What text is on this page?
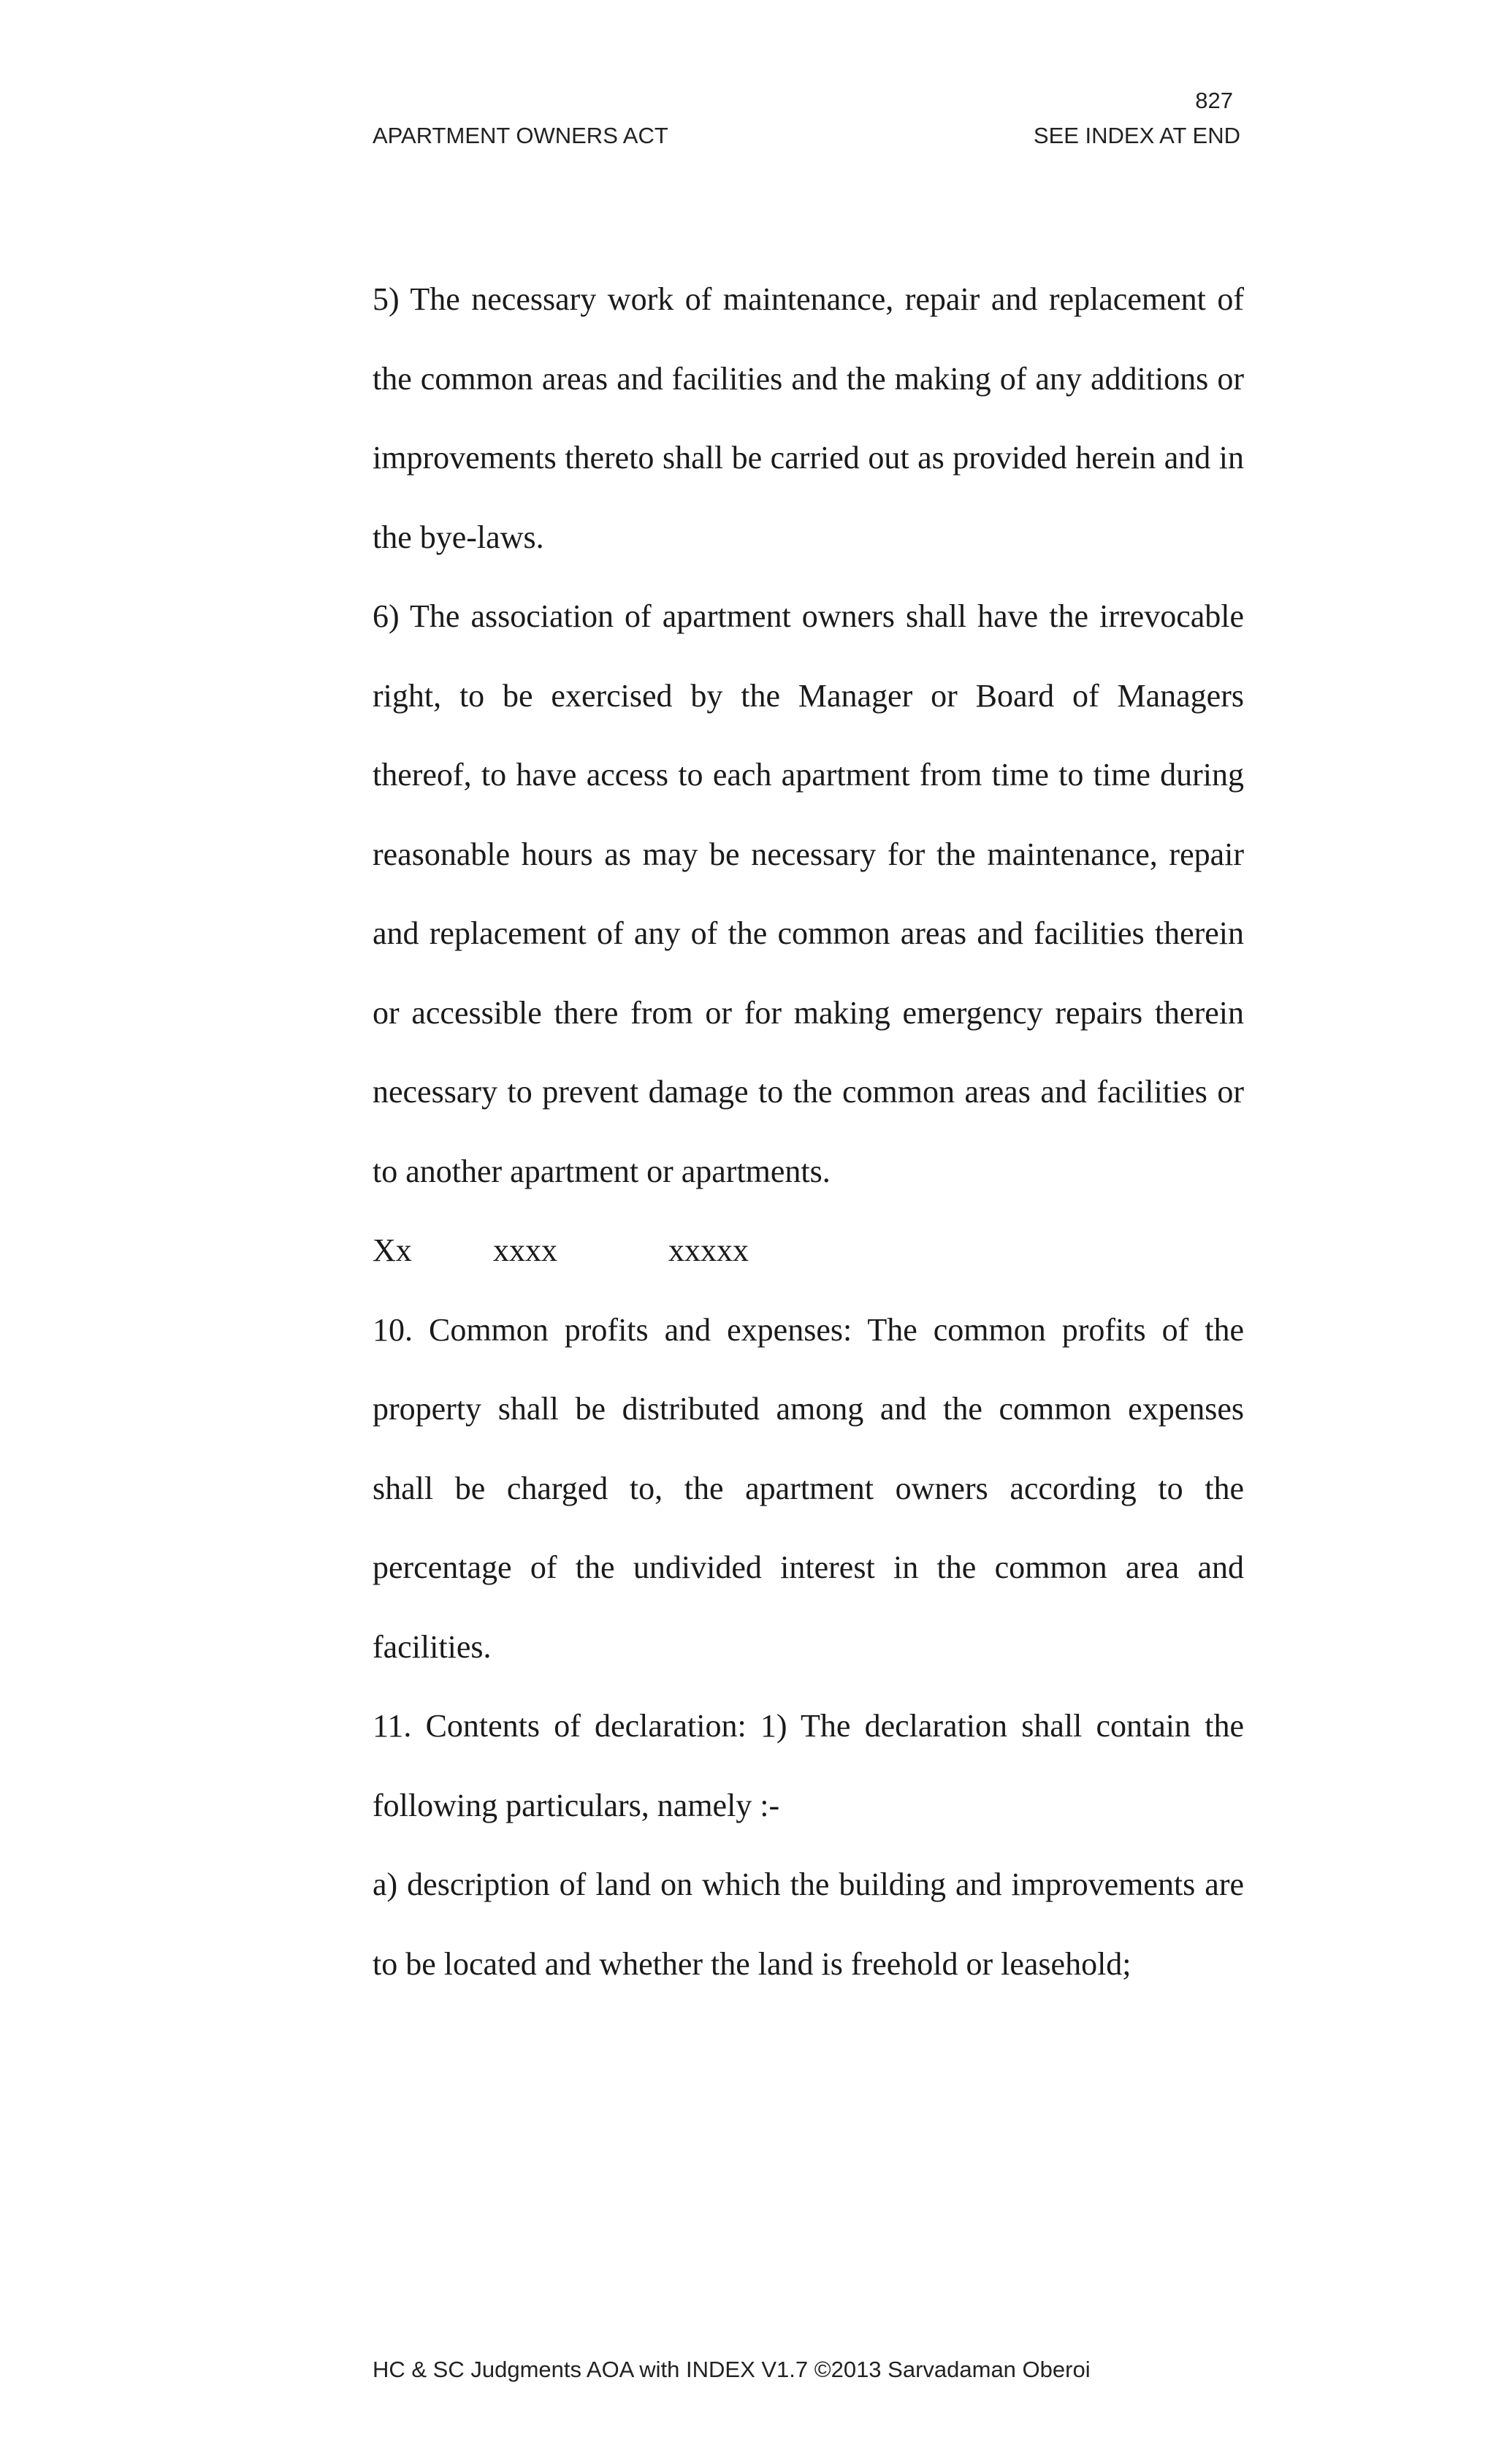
827
APARTMENT OWNERS ACT	SEE INDEX AT END

5) The necessary work of maintenance, repair and replacement of the common areas and facilities and the making of any additions or improvements thereto shall be carried out as provided herein and in the bye-laws.

6) The association of apartment owners shall have the irrevocable right, to be exercised by the Manager or Board of Managers thereof, to have access to each apartment from time to time during reasonable hours as may be necessary for the maintenance, repair and replacement of any of the common areas and facilities therein or accessible there from or for making emergency repairs therein necessary to prevent damage to the common areas and facilities or to another apartment or apartments.

Xx	xxxx	xxxxx

10. Common profits and expenses: The common profits of the property shall be distributed among and the common expenses shall be charged to, the apartment owners according to the percentage of the undivided interest in the common area and facilities.

11. Contents of declaration: 1) The declaration shall contain the following particulars, namely :-

a) description of land on which the building and improvements are to be located and whether the land is freehold or leasehold;

HC & SC Judgments AOA with INDEX V1.7 ©2013 Sarvadaman Oberoi
